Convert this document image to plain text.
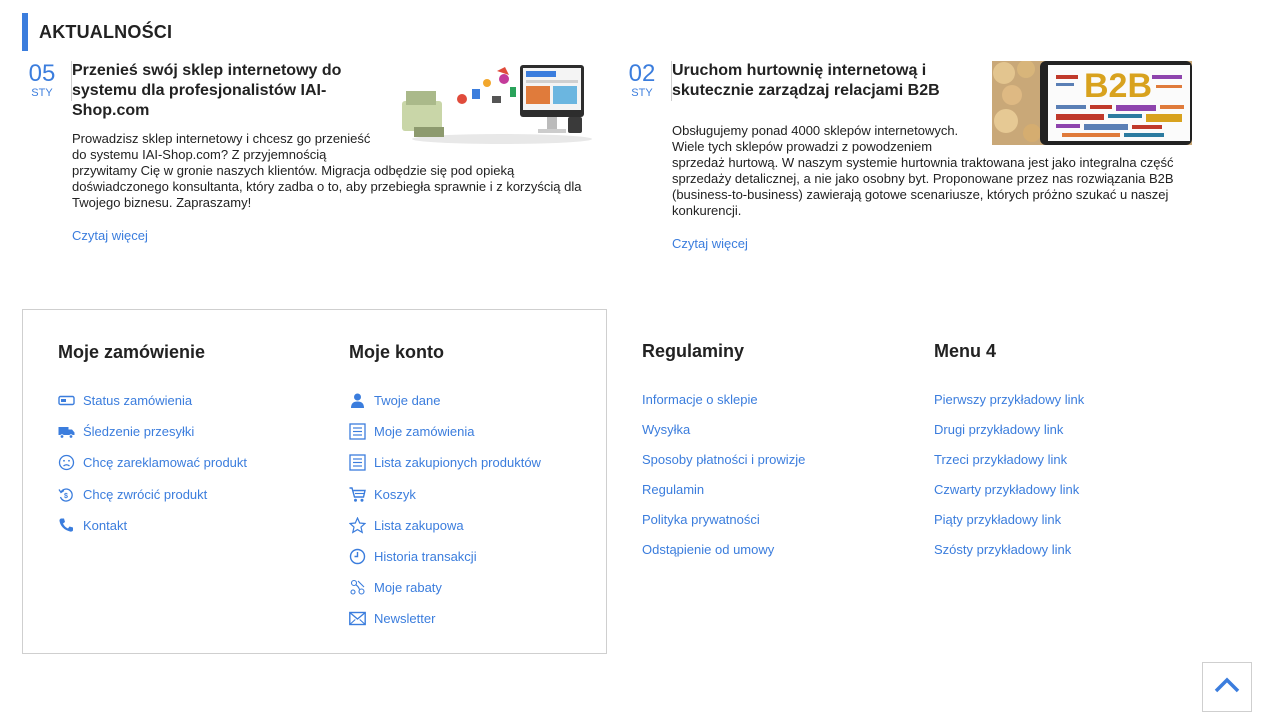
AKTUALNOŚCI
05
STY
Przenieś swój sklep internetowy do systemu dla profesjonalistów IAI-Shop.com

Prowadzisz sklep internetowy i chcesz go przenieść do systemu IAI-Shop.com? Z przyjemnością przywitamy Cię w gronie naszych klientów. Migracja odbędzie się pod opieką doświadczonego konsultanta, który zadba o to, aby przebiegła sprawnie i z korzyścią dla Twojego biznesu. Zapraszamy!

Czytaj więcej
02
STY	B2B
Uruchom hurtownię internetową i skutecznie zarządzaj relacjami B2B

Obsługujemy ponad 4000 sklepów internetowych. Wiele tych sklepów prowadzi z powodzeniem sprzedaż hurtową. W naszym systemie hurtownia traktowana jest jako integralna część sprzedaży detalicznej, a nie jako osobny byt. Proponowane przez nas rozwiązania B2B (business-to-business) zawierają gotowe scenariusze, których próżno szukać u naszej konkurencji.

Czytaj więcej
Moje zamówienie
Status zamówienia
Śledzenie przesyłki
Chcę zareklamować produkt
$ Chcę zwrócić produkt
Kontakt
Moje konto
Twoje dane
Moje zamówienia
Lista zakupionych produktów
Koszyk
Lista zakupowa
Historia transakcji
Moje rabaty
Newsletter
Regulaminy
Informacje o sklepie
Wysyłka
Sposoby płatności i prowizje
Regulamin
Polityka prywatności
Odstąpienie od umowy
Menu 4
Pierwszy przykładowy link
Drugi przykładowy link
Trzeci przykładowy link
Czwarty przykładowy link
Piąty przykładowy link
Szósty przykładowy link
